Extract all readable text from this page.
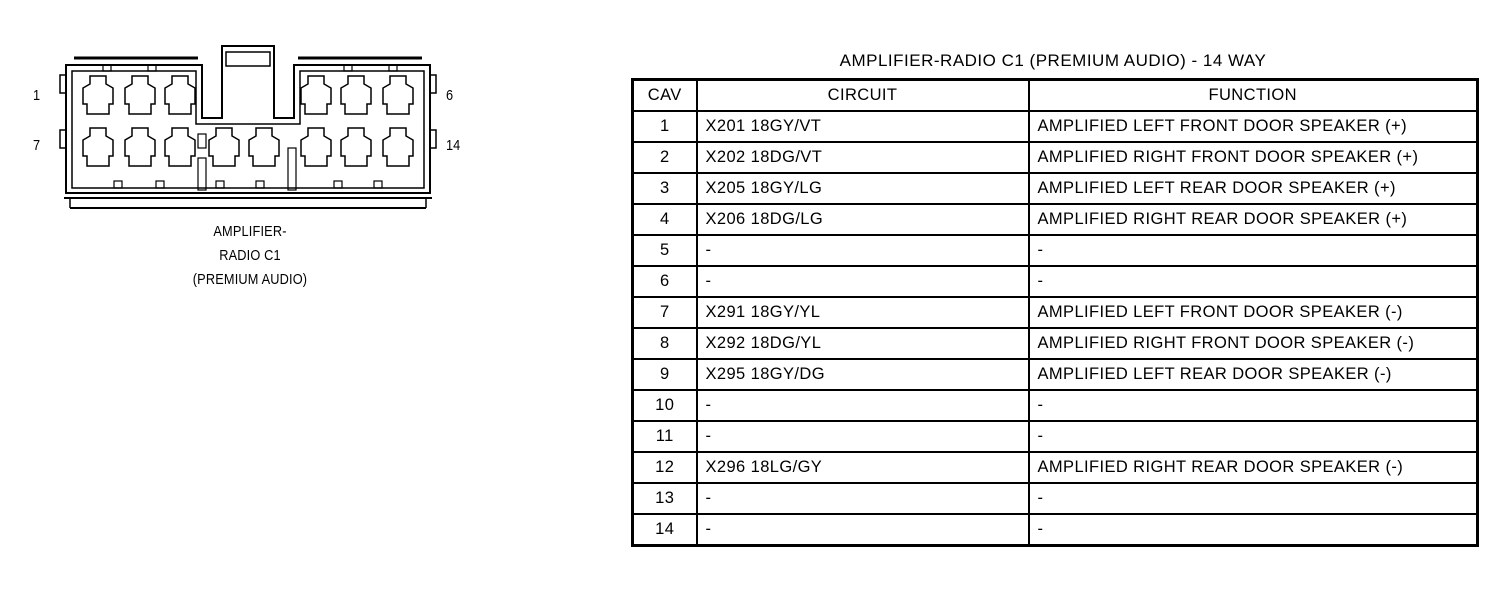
1	6
7	14
AMPLIFIER-
RADIO C1
(PREMIUM AUDIO)
AMPLIFIER-RADIO C1 (PREMIUM AUDIO) - 14 WAY
CAV	CIRCUIT	FUNCTION
1	X201 18GY/VT	AMPLIFIED LEFT FRONT DOOR SPEAKER (+)
2	X202 18DG/VT	AMPLIFIED RIGHT FRONT DOOR SPEAKER (+)
3	X205 18GY/LG	AMPLIFIED LEFT REAR DOOR SPEAKER (+)
4	X206 18DG/LG	AMPLIFIED RIGHT REAR DOOR SPEAKER (+)
5	-	-
6	-	-
7	X291 18GY/YL	AMPLIFIED LEFT FRONT DOOR SPEAKER (-)
8	X292 18DG/YL	AMPLIFIED RIGHT FRONT DOOR SPEAKER (-)
9	X295 18GY/DG	AMPLIFIED LEFT REAR DOOR SPEAKER (-)
10	-	-
11	-	-
12	X296 18LG/GY	AMPLIFIED RIGHT REAR DOOR SPEAKER (-)
13	-	-
14	-	-
